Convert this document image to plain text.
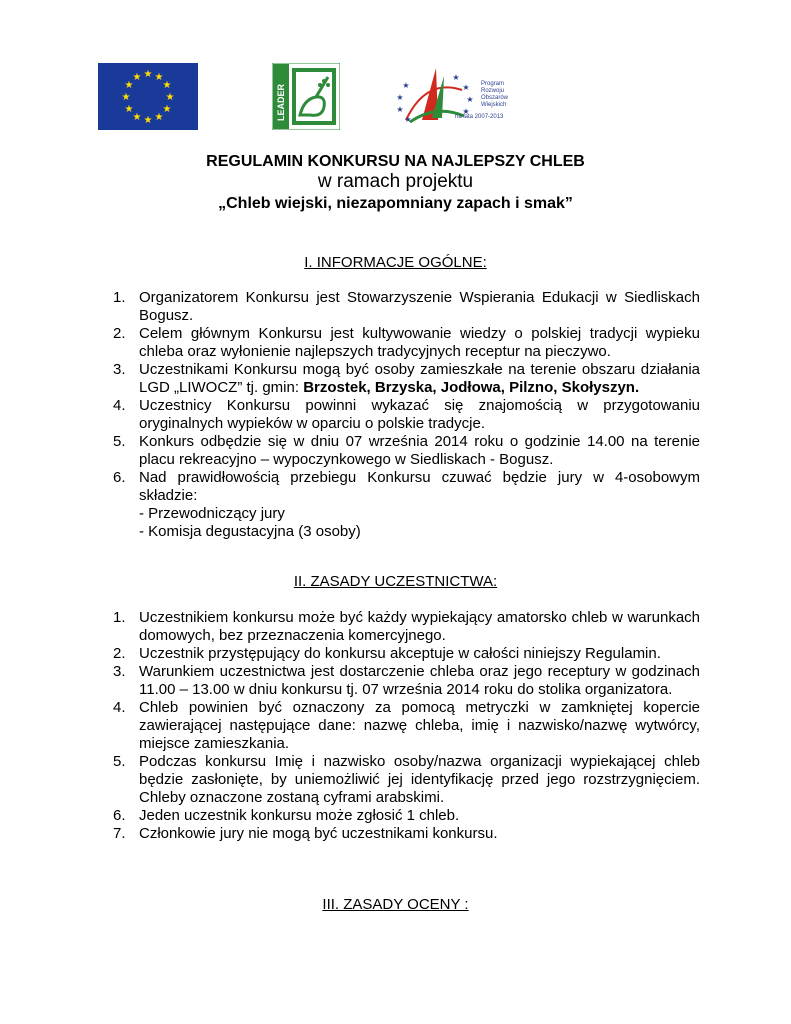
★ ★
★
★
★
★
★
★
★
★
★
★
LEADER	★
★
★
★
★
★
★
★
Program
Rozwoju
Obszarów
Wiejskich
na lata 2007-2013
REGULAMIN KONKURSU NA NAJLEPSZY CHLEB
w ramach projektu
„Chleb wiejski, niezapomniany zapach i smak”
I. INFORMACJE OGÓLNE:
1. Organizatorem Konkursu jest Stowarzyszenie Wspierania Edukacji w Siedliskach Bogusz.
2. Celem głównym Konkursu jest kultywowanie wiedzy o polskiej tradycji wypieku chleba oraz wyłonienie najlepszych tradycyjnych receptur na pieczywo.
3. Uczestnikami Konkursu mogą być osoby zamieszkałe na terenie obszaru działania LGD „LIWOCZ” tj. gmin: Brzostek, Brzyska, Jodłowa, Pilzno, Skołyszyn.
4. Uczestnicy Konkursu powinni wykazać się znajomością w przygotowaniu oryginalnych wypieków w oparciu o polskie tradycje.
5. Konkurs odbędzie się w dniu 07 września 2014 roku o godzinie 14.00 na terenie placu rekreacyjno – wypoczynkowego w Siedliskach - Bogusz.
6. Nad prawidłowością przebiegu Konkursu czuwać będzie jury w 4-osobowym składzie:
- Przewodniczący jury
- Komisja degustacyjna (3 osoby)
II. ZASADY UCZESTNICTWA:
1. Uczestnikiem konkursu może być każdy wypiekający amatorsko chleb w warunkach domowych, bez przeznaczenia komercyjnego.
2. Uczestnik przystępujący do konkursu akceptuje w całości niniejszy Regulamin.
3. Warunkiem uczestnictwa jest dostarczenie chleba oraz jego receptury w godzinach 11.00 – 13.00 w dniu konkursu tj. 07 września 2014 roku do stolika organizatora.
4. Chleb powinien być oznaczony za pomocą metryczki w zamkniętej kopercie zawierającej następujące dane: nazwę chleba, imię i nazwisko/nazwę wytwórcy, miejsce zamieszkania.
5. Podczas konkursu Imię i nazwisko osoby/nazwa organizacji wypiekającej chleb będzie zasłonięte, by uniemożliwić jej identyfikację przed jego rozstrzygnięciem. Chleby oznaczone zostaną cyframi arabskimi.
6. Jeden uczestnik konkursu może zgłosić 1 chleb.
7. Członkowie jury nie mogą być uczestnikami konkursu.
III. ZASADY OCENY :
